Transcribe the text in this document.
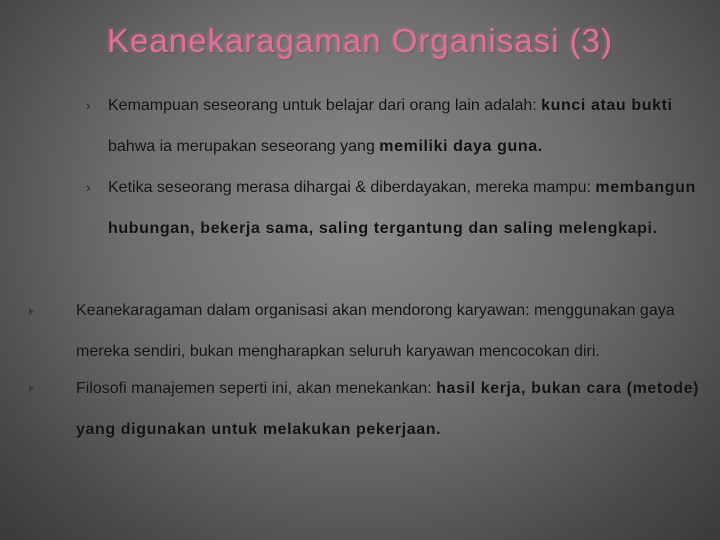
Keanekaragaman Organisasi (3)
› Kemampuan seseorang untuk belajar dari orang lain adalah: kunci atau bukti bahwa ia merupakan seseorang yang memiliki daya guna.
› Ketika seseorang merasa dihargai & diberdayakan, mereka mampu: membangun hubungan, bekerja sama, saling tergantung dan saling melengkapi.
Keanekaragaman dalam organisasi akan mendorong karyawan: menggunakan gaya mereka sendiri, bukan mengharapkan seluruh karyawan mencocokan diri.
Filosofi manajemen seperti ini, akan menekankan: hasil kerja, bukan cara (metode) yang digunakan untuk melakukan pekerjaan.
